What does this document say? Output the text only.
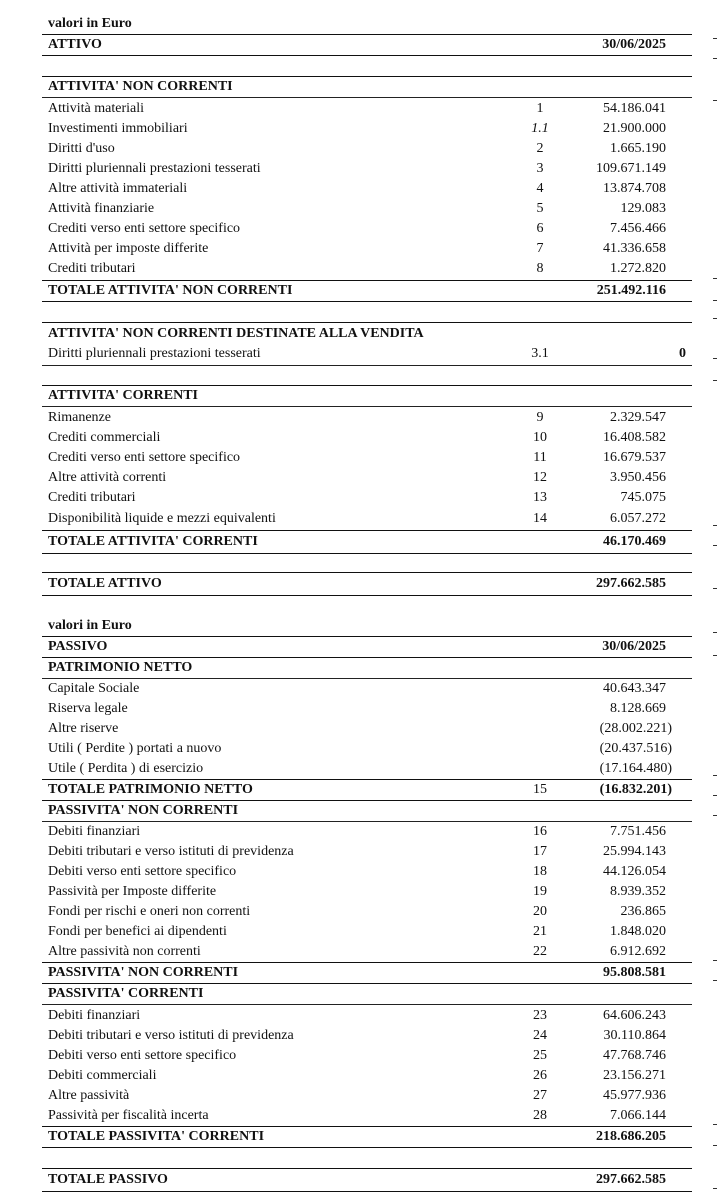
valori in Euro
ATTIVO	30/06/2025
ATTIVITA' NON CORRENTI
Attività materiali	1	54.186.041
Investimenti immobiliari	1.1	21.900.000
Diritti d'uso	2	1.665.190
Diritti pluriennali prestazioni tesserati	3	109.671.149
Altre attività immateriali	4	13.874.708
Attività finanziarie	5	129.083
Crediti verso enti settore specifico	6	7.456.466
Attività per imposte differite	7	41.336.658
Crediti tributari	8	1.272.820
TOTALE ATTIVITA' NON CORRENTI	251.492.116
ATTIVITA' NON CORRENTI DESTINATE ALLA VENDITA
Diritti pluriennali prestazioni tesserati	3.1	0
ATTIVITA' CORRENTI
Rimanenze	9	2.329.547
Crediti commerciali	10	16.408.582
Crediti verso enti settore specifico	11	16.679.537
Altre attività correnti	12	3.950.456
Crediti tributari	13	745.075
Disponibilità liquide e mezzi equivalenti	14	6.057.272
TOTALE ATTIVITA' CORRENTI	46.170.469
TOTALE ATTIVO	297.662.585
valori in Euro
PASSIVO	30/06/2025
PATRIMONIO NETTO
Capitale Sociale	40.643.347
Riserva legale	8.128.669
Altre riserve	(28.002.221)
Utili ( Perdite ) portati a nuovo	(20.437.516)
Utile ( Perdita ) di esercizio	(17.164.480)
TOTALE PATRIMONIO NETTO	15	(16.832.201)
PASSIVITA' NON CORRENTI
Debiti finanziari	16	7.751.456
Debiti tributari e verso istituti di previdenza	17	25.994.143
Debiti verso enti settore specifico	18	44.126.054
Passività per Imposte differite	19	8.939.352
Fondi per rischi e oneri non correnti	20	236.865
Fondi per benefici ai dipendenti	21	1.848.020
Altre passività non correnti	22	6.912.692
PASSIVITA' NON CORRENTI	95.808.581
PASSIVITA' CORRENTI
Debiti finanziari	23	64.606.243
Debiti tributari e verso istituti di previdenza	24	30.110.864
Debiti verso enti settore specifico	25	47.768.746
Debiti commerciali	26	23.156.271
Altre passività	27	45.977.936
Passività per fiscalità incerta	28	7.066.144
TOTALE PASSIVITA' CORRENTI	218.686.205
TOTALE PASSIVO	297.662.585
